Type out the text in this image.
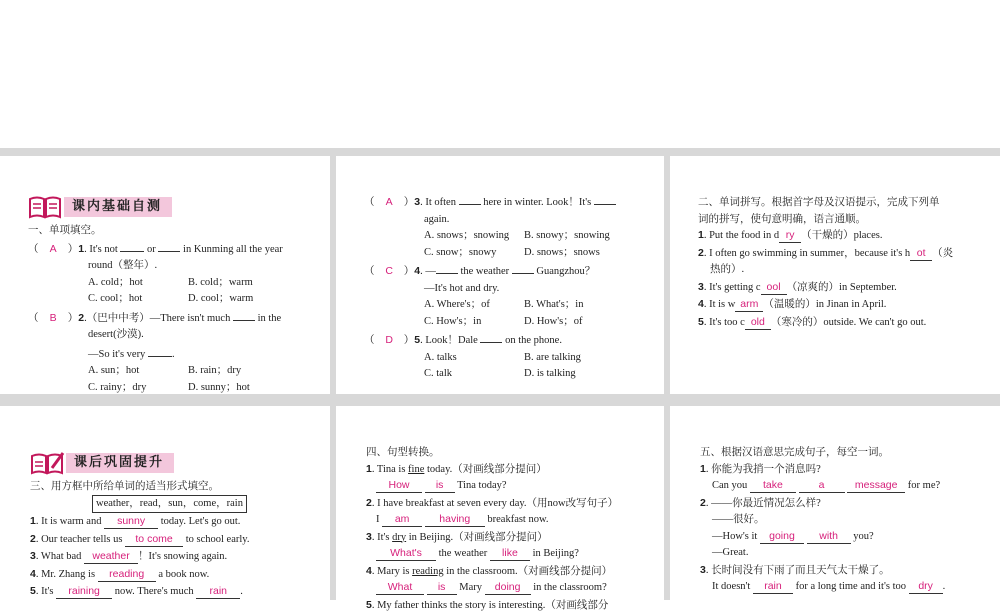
课内基础自测
一、单项填空。
（ A ）1. It's not	or	in Kunming all the year
round（整年）.
A. cold；hot	B. cold；warm
C. cool；hot	D. cool；warm
（ B ）2.（巴中中考）—There isn't much	in the
desert(沙漠).
—So it's very	.
A. sun；hot	B. rain；dry
C. rainy；dry	D. sunny；hot
（ A ）3. It often	here in winter. Look！It's
again.
A. snows；snowing B. snowy；snowing
C. snow；snowy	D. snows；snows
（ C ）4. — the weather	Guangzhou？
—It's hot and dry.
A. Where's；of	B. What's；in
C. How's；in	D. How's；of
（ D ）5. Look！Dale	on the phone.
A. talks	B. are talking
C. talk	D. is talking
二、单词拼写。根据首字母及汉语提示，完成下列单
词的拼写，使句意明确，语言通顺。
1. Put the food in d ry （干燥的）places.
2. I often go swimming in summer，because it's h ot （炎
热的）.
3. It's getting c ool （凉爽的）in September.
4. It is w arm （温暖的）in Jinan in April.
5. It's too c old （寒冷的）outside. We can't go out.
课后巩固提升
三、用方框中所给单词的适当形式填空。
weather，read，sun，come，rain
1. It is warm and sunny today. Let's go out.
2. Our teacher tells us to come to school early.
3. What bad weather ！It's snowing again.
4. Mr. Zhang is reading a book now.
5. It's raining now. There's much rain .
四、句型转换。
1. Tina is fine today.（对画线部分提问）
How	is Tina today?
2. I have breakfast at seven every day.（用now改写句子）
I am	having breakfast now.
3. It's dry in Beijing.（对画线部分提问）
What's the weather like in Beijing?
4. Mary is reading in the classroom.（对画线部分提问）
What is Mary doing in the classroom?
5. My father thinks the story is interesting.（对画线部分
五、根据汉语意思完成句子，每空一词。
1. 你能为我捎一个消息吗?
Can you take	a	message for me?
2. ——你最近情况怎么样?
——很好。
—How's it going with you?
—Great.
3. 长时间没有下雨了而且天气太干燥了。
It doesn't rain for a long time and it's too dry .
